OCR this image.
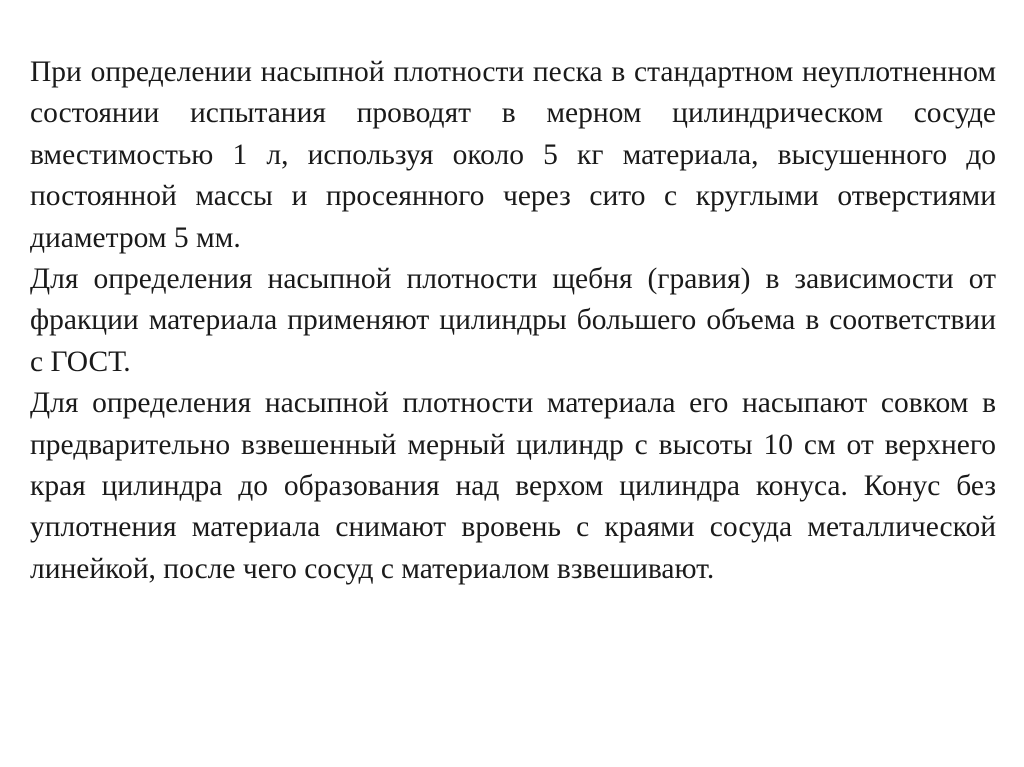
При определении насыпной плотности песка в стандартном неуплотненном состоянии испытания проводят в мерном цилиндрическом сосуде вместимостью 1 л, используя около 5 кг материала, высушенного до постоянной массы и просеянного через сито с круглыми отверстиями диаметром 5 мм.

Для определения насыпной плотности щебня (гравия) в зависимости от фракции материала применяют цилиндры большего объема в соответствии с ГОСТ.

Для определения насыпной плотности материала его насыпают совком в предварительно взвешенный мерный цилиндр с высоты 10 см от верхнего края цилиндра до образования над верхом цилиндра конуса. Конус без уплотнения материала снимают вровень с краями сосуда металлической линейкой, после чего сосуд с материалом взвешивают.
